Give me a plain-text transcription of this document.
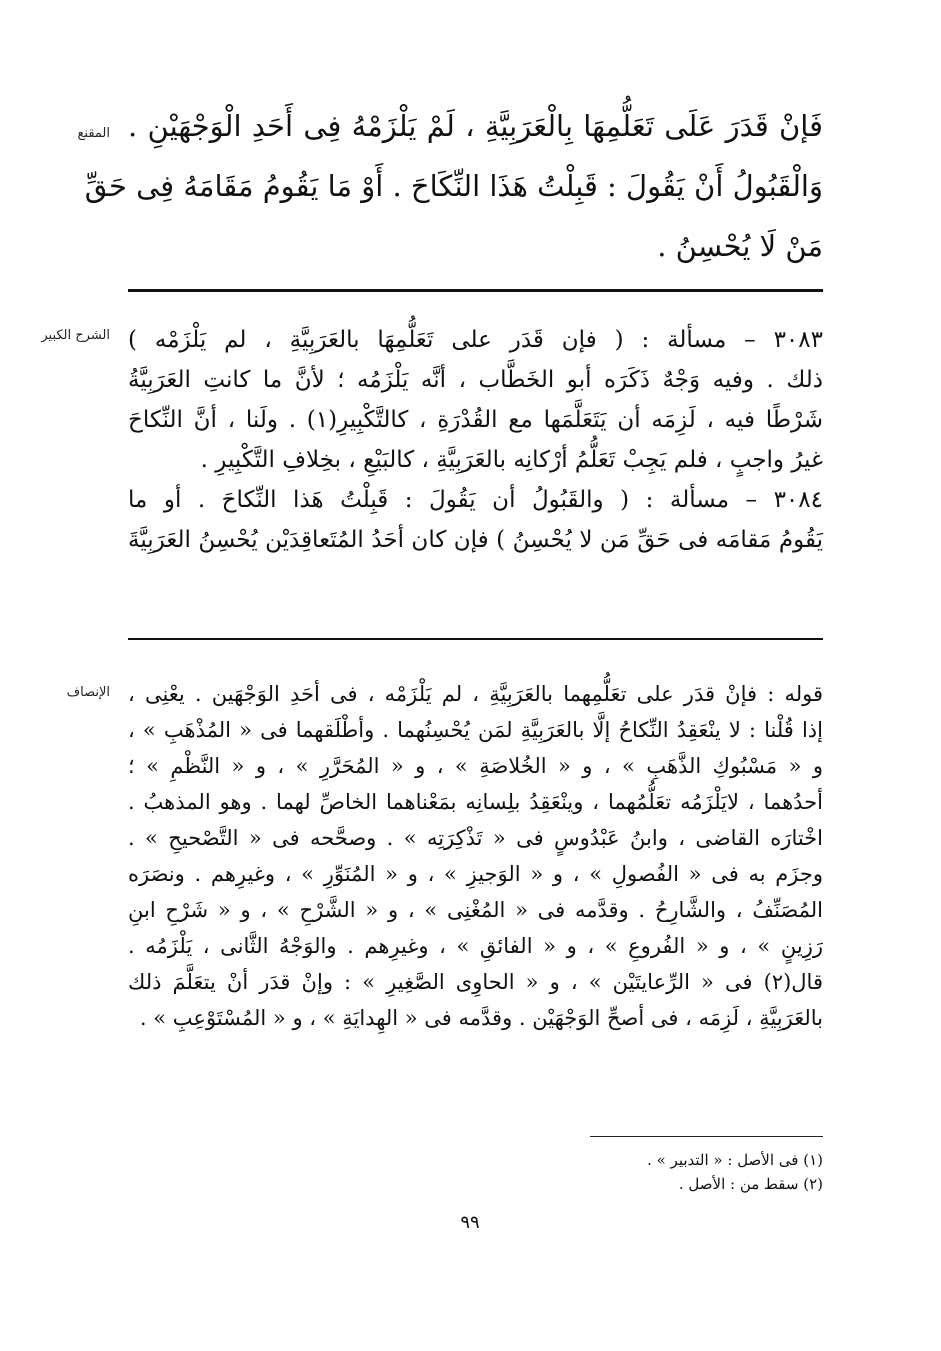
المقنع فَإنْ قَدَرَ عَلَى تَعَلُّمِهَا بِالْعَرَبِيَّةِ ، لَمْ يَلْزَمْهُ فِى أَحَدِ الْوَجْهَيْنِ .
وَالْقَبُولُ أَنْ يَقُولَ : قَبِلْتُ هَذَا النِّكَاحَ . أَوْ مَا يَقُومُ مَقَامَهُ فِى حَقِّ
مَنْ لَا يُحْسِنُ .
الشرح الكبير ٣٠٨٣ – مسألة : ( فإن قَدَر على تَعَلُّمِهَا بالعَرَبِيَّةِ ، لم يَلْزَمْه )
ذلك . وفيه وَجْهٌ ذَكَرَه أبو الخَطَّاب ، أنَّه يَلْزَمُه ؛ لأنَّ ما كانتِ العَرَبِيَّةُ
شَرْطًا فيه ، لَزِمَه أن يَتَعَلَّمَها مع القُدْرَةِ ، كالتَّكْبِيرِ(١) . ولَنا ، أنَّ النِّكاحَ
غيرُ واجبٍ ، فلم يَجِبْ تَعَلُّمُ أرْكانِه بالعَرَبِيَّةِ ، كالبَيْعِ ، بخِلافِ التَّكْبِيرِ .
٣٠٨٤ – مسألة : ( والقَبُولُ أن يَقُولَ : قَبِلْتُ هَذا النِّكاحَ . أو ما
يَقُومُ مَقامَه فى حَقِّ مَن لا يُحْسِنُ ) فإن كان أحَدُ المُتَعاقِدَيْن يُحْسِنُ العَرَبِيَّةَ
الإنصاف قوله : فإنْ قدَر على تعَلُّمِهما بالعَرَبِيَّةِ ، لم يَلْزَمْه ، فى أحَدِ الوَجْهَين . يعْنِى ،
إذا قُلْنا : لا ينْعَقِدُ النِّكاحُ إلَّا بالعَرَبِيَّةِ لمَن يُحْسِنُهما . وأطْلَقهما فى « المُذْهَبِ » ،
و « مَسْبُوكِ الذَّهَبِ » ، و « الخُلاصَةِ » ، و « المُحَرَّرِ » ، و « النَّظْمِ » ؛
أحدُهما ، لايَلْزَمُه تعَلُّمُهما ، وينْعَقِدُ بلِسانِه بمَعْناهما الخاصِّ لهما . وهو المذهبُ .
اخْتارَه القاضى ، وابنُ عَبْدُوسٍ فى « تَذْكِرَتِه » . وصحَّحه فى « التَّصْحيحِ » .
وجزَم به فى « الفُصولِ » ، و « الوَجيزِ » ، و « المُنَوِّرِ » ، وغيرِهم . ونصَرَه
المُصَنِّفُ ، والشَّارِحُ . وقدَّمه فى « المُغْنِى » ، و « الشَّرْحِ » ، و « شَرْحِ ابنِ
رَزِينٍ » ، و « الفُروعِ » ، و « الفائقِ » ، وغيرِهم . والوَجْهُ الثَّانى ، يَلْزَمُه .
قال(٢) فى « الرِّعايتَيْن » ، و « الحاوِى الصَّغِيرِ » : وإنْ قدَر أنْ يتعَلَّمَ ذلك
بالعَرَبِيَّةِ ، لَزِمَه ، فى أصحِّ الوَجْهَيْن . وقدَّمه فى « الهِدايَةِ » ، و « المُسْتَوْعِبِ » .
(١) فى الأصل : « التدبير » .
(٢) سقط من : الأصل .
٩٩
